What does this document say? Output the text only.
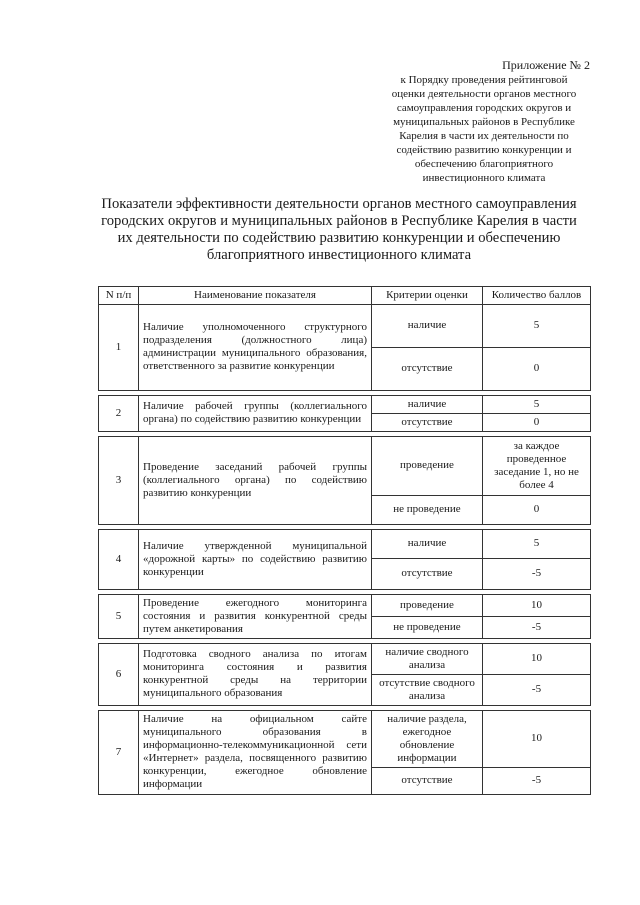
Приложение № 2
к Порядку проведения рейтинговой
оценки деятельности органов местного
самоуправления городских округов и
муниципальных районов в Республике
Карелия в части их деятельности по
содействию развитию конкуренции и
обеспечению благоприятного
инвестиционного климата
Показатели эффективности деятельности органов местного самоуправления
городских округов и муниципальных районов в Республике Карелия в части
их деятельности по содействию развитию конкуренции и обеспечению
благоприятного инвестиционного климата
N п/п	Наименование показателя	Критерии оценки	Количество баллов
1	Наличие уполномоченного структурного подразделения (должностного лица) администрации муниципального образования, ответственного за развитие конкуренции	наличие	5
		отсутствие	0

2	Наличие рабочей группы (коллегиального органа) по содействию развитию конкуренции	наличие	5
		отсутствие	0

3	Проведение заседаний рабочей группы (коллегиального органа) по содействию развитию конкуренции	проведение	за каждое проведенное заседание 1, но не более 4
		не проведение	0

4	Наличие утвержденной муниципальной «дорожной карты» по содействию развитию конкуренции	наличие	5
		отсутствие	-5

5	Проведение ежегодного мониторинга состояния и развития конкурентной среды путем анкетирования	проведение	10
		не проведение	-5

6	Подготовка сводного анализа по итогам мониторинга состояния и развития конкурентной среды на территории муниципального образования	наличие сводного анализа	10
		отсутствие сводного анализа	-5

7	Наличие на официальном сайте муниципального образования в информационно-телекоммуникационной сети «Интернет» раздела, посвященного развитию конкуренции, ежегодное обновление информации	наличие раздела, ежегодное обновление информации	10
		отсутствие	-5
